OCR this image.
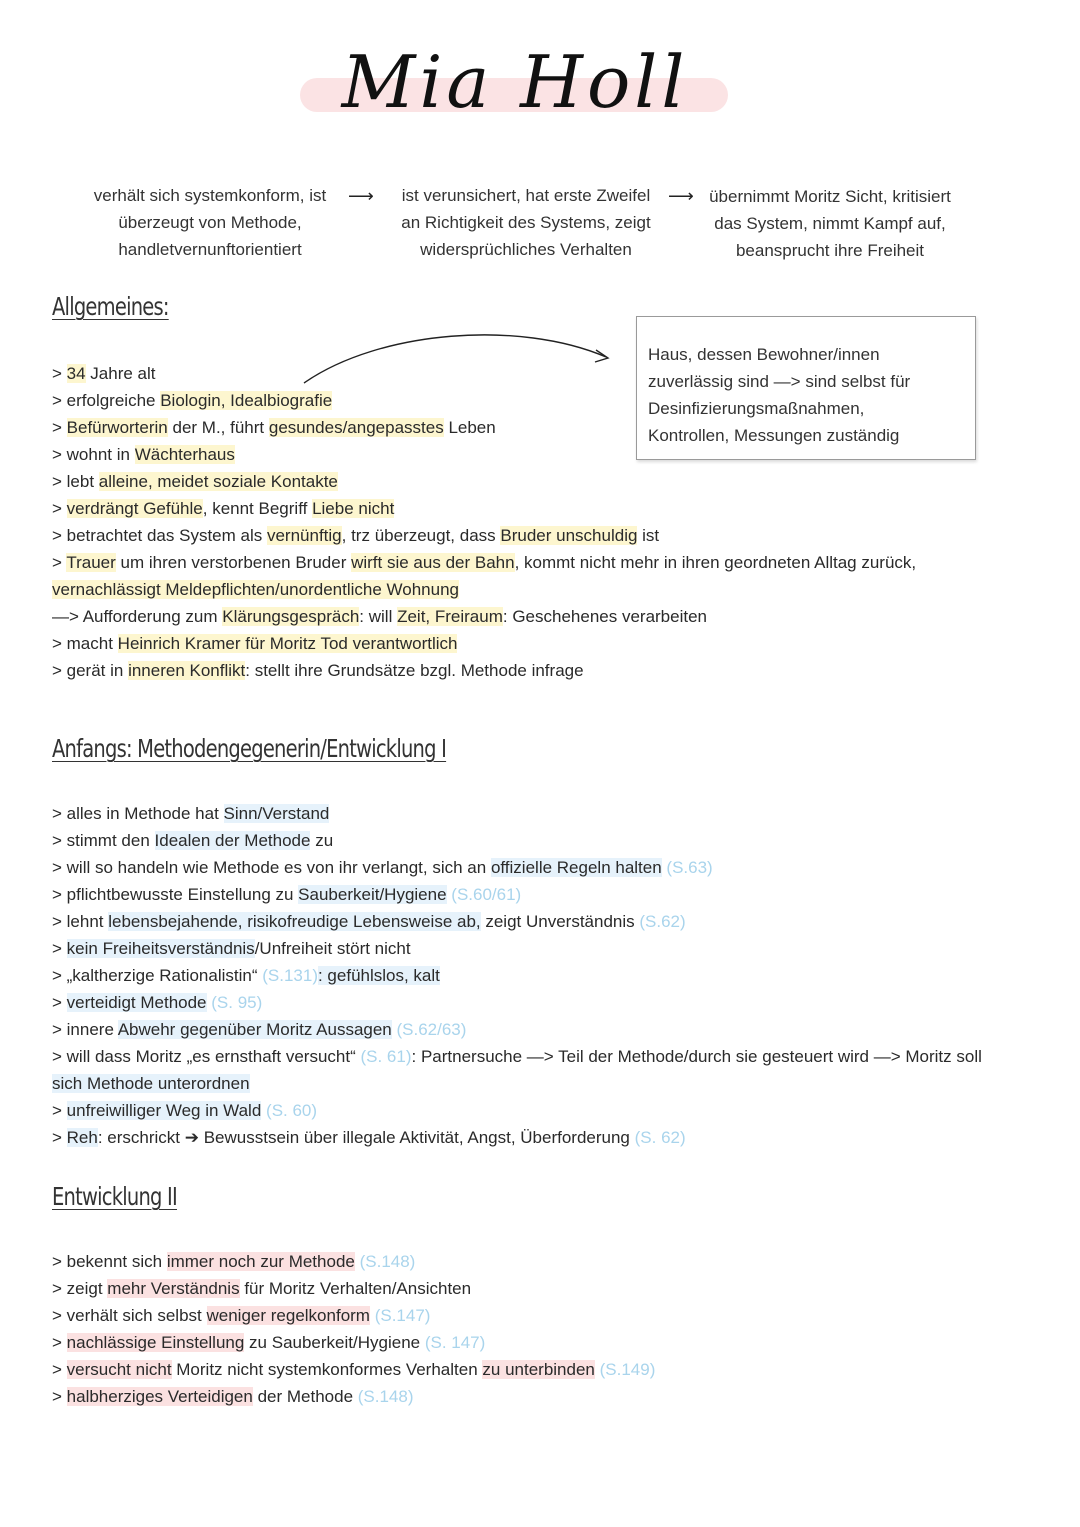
Mia Holl
verhält sich systemkonform, ist
überzeugt von Methode,
handletvernunftorientiert
⟶	ist verunsichert, hat erste Zweifel
an Richtigkeit des Systems, zeigt
widersprüchliches Verhalten
⟶ übernimmt Moritz Sicht, kritisiert
das System, nimmt Kampf auf,
beansprucht ihre Freiheit
Allgemeines:
Haus, dessen Bewohner/innen
zuverlässig sind —> sind selbst für
Desinfizierungsmaßnahmen,
Kontrollen, Messungen zuständig
> 34 Jahre alt
> erfolgreiche Biologin, Idealbiografie
> Befürworterin der M., führt gesundes/angepasstes Leben
> wohnt in Wächterhaus
> lebt alleine, meidet soziale Kontakte
> verdrängt Gefühle, kennt Begriff Liebe nicht
> betrachtet das System als vernünftig, trz überzeugt, dass Bruder unschuldig ist
> Trauer um ihren verstorbenen Bruder wirft sie aus der Bahn, kommt nicht mehr in ihren geordneten Alltag zurück,
vernachlässigt Meldepflichten/unordentliche Wohnung
—> Aufforderung zum Klärungsgespräch: will Zeit, Freiraum: Geschehenes verarbeiten
> macht Heinrich Kramer für Moritz Tod verantwortlich
> gerät in inneren Konflikt: stellt ihre Grundsätze bzgl. Methode infrage
Anfangs: Methodengegenerin/Entwicklung I
> alles in Methode hat Sinn/Verstand
> stimmt den Idealen der Methode zu
> will so handeln wie Methode es von ihr verlangt, sich an offizielle Regeln halten (S.63)
> pflichtbewusste Einstellung zu Sauberkeit/Hygiene (S.60/61)
> lehnt lebensbejahende, risikofreudige Lebensweise ab, zeigt Unverständnis (S.62)
> kein Freiheitsverständnis/Unfreiheit stört nicht
> „kaltherzige Rationalistin“ (S.131): gefühlslos, kalt
> verteidigt Methode (S. 95)
> innere Abwehr gegenüber Moritz Aussagen (S.62/63)
> will dass Moritz „es ernsthaft versucht“ (S. 61): Partnersuche —> Teil der Methode/durch sie gesteuert wird —> Moritz soll
sich Methode unterordnen
> unfreiwilliger Weg in Wald (S. 60)
> Reh: erschrickt ➔ Bewusstsein über illegale Aktivität, Angst, Überforderung (S. 62)
Entwicklung II
> bekennt sich immer noch zur Methode (S.148)
> zeigt mehr Verständnis für Moritz Verhalten/Ansichten
> verhält sich selbst weniger regelkonform (S.147)
> nachlässige Einstellung zu Sauberkeit/Hygiene (S. 147)
> versucht nicht Moritz nicht systemkonformes Verhalten zu unterbinden (S.149)
> halbherziges Verteidigen der Methode (S.148)
